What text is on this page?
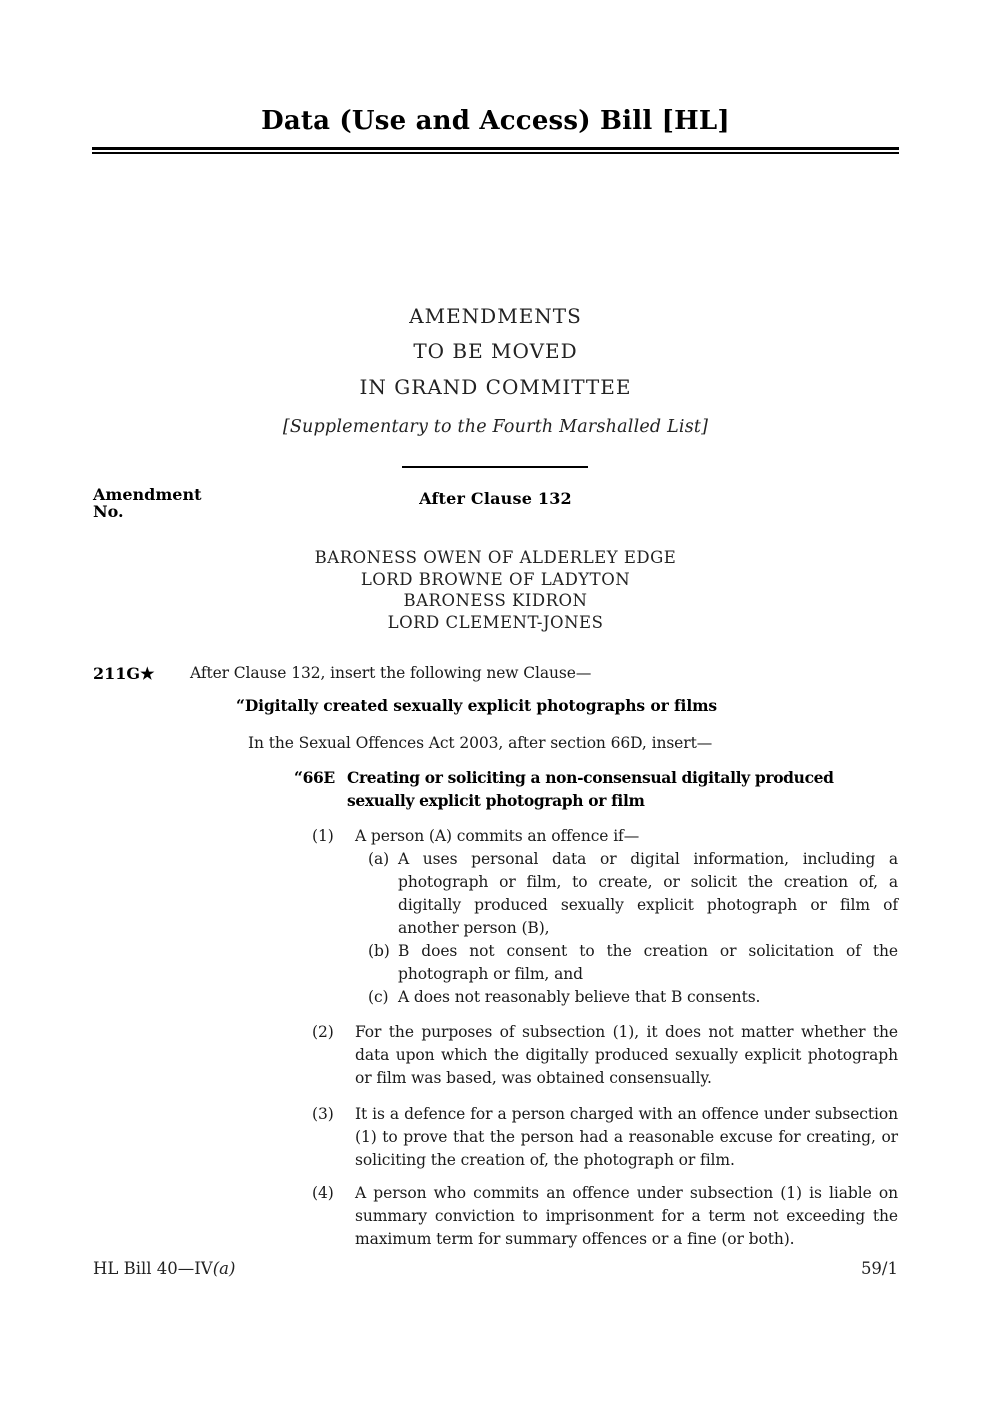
Data (Use and Access) Bill [HL]
AMENDMENTS
TO BE MOVED
IN GRAND COMMITTEE
[Supplementary to the Fourth Marshalled List]
Amendment
No.
After Clause 132
BARONESS OWEN OF ALDERLEY EDGE
LORD BROWNE OF LADYTON
BARONESS KIDRON
LORD CLEMENT-JONES
211G★ After Clause 132, insert the following new Clause—
“Digitally created sexually explicit photographs or films
In the Sexual Offences Act 2003, after section 66D, insert—
“66E Creating or soliciting a non-consensual digitally produced sexually explicit photograph or film
(1)	A person (A) commits an offence if—
(a) A uses personal data or digital information, including a photograph or film, to create, or solicit the creation of, a digitally produced sexually explicit photograph or film of another person (B),
(b) B does not consent to the creation or solicitation of the photograph or film, and
(c) A does not reasonably believe that B consents.
(2)	For the purposes of subsection (1), it does not matter whether the data upon which the digitally produced sexually explicit photograph or film was based, was obtained consensually.
(3)	It is a defence for a person charged with an offence under subsection (1) to prove that the person had a reasonable excuse for creating, or soliciting the creation of, the photograph or film.
(4)	A person who commits an offence under subsection (1) is liable on summary conviction to imprisonment for a term not exceeding the maximum term for summary offences or a fine (or both).
HL Bill 40—IV(a)	59/1
